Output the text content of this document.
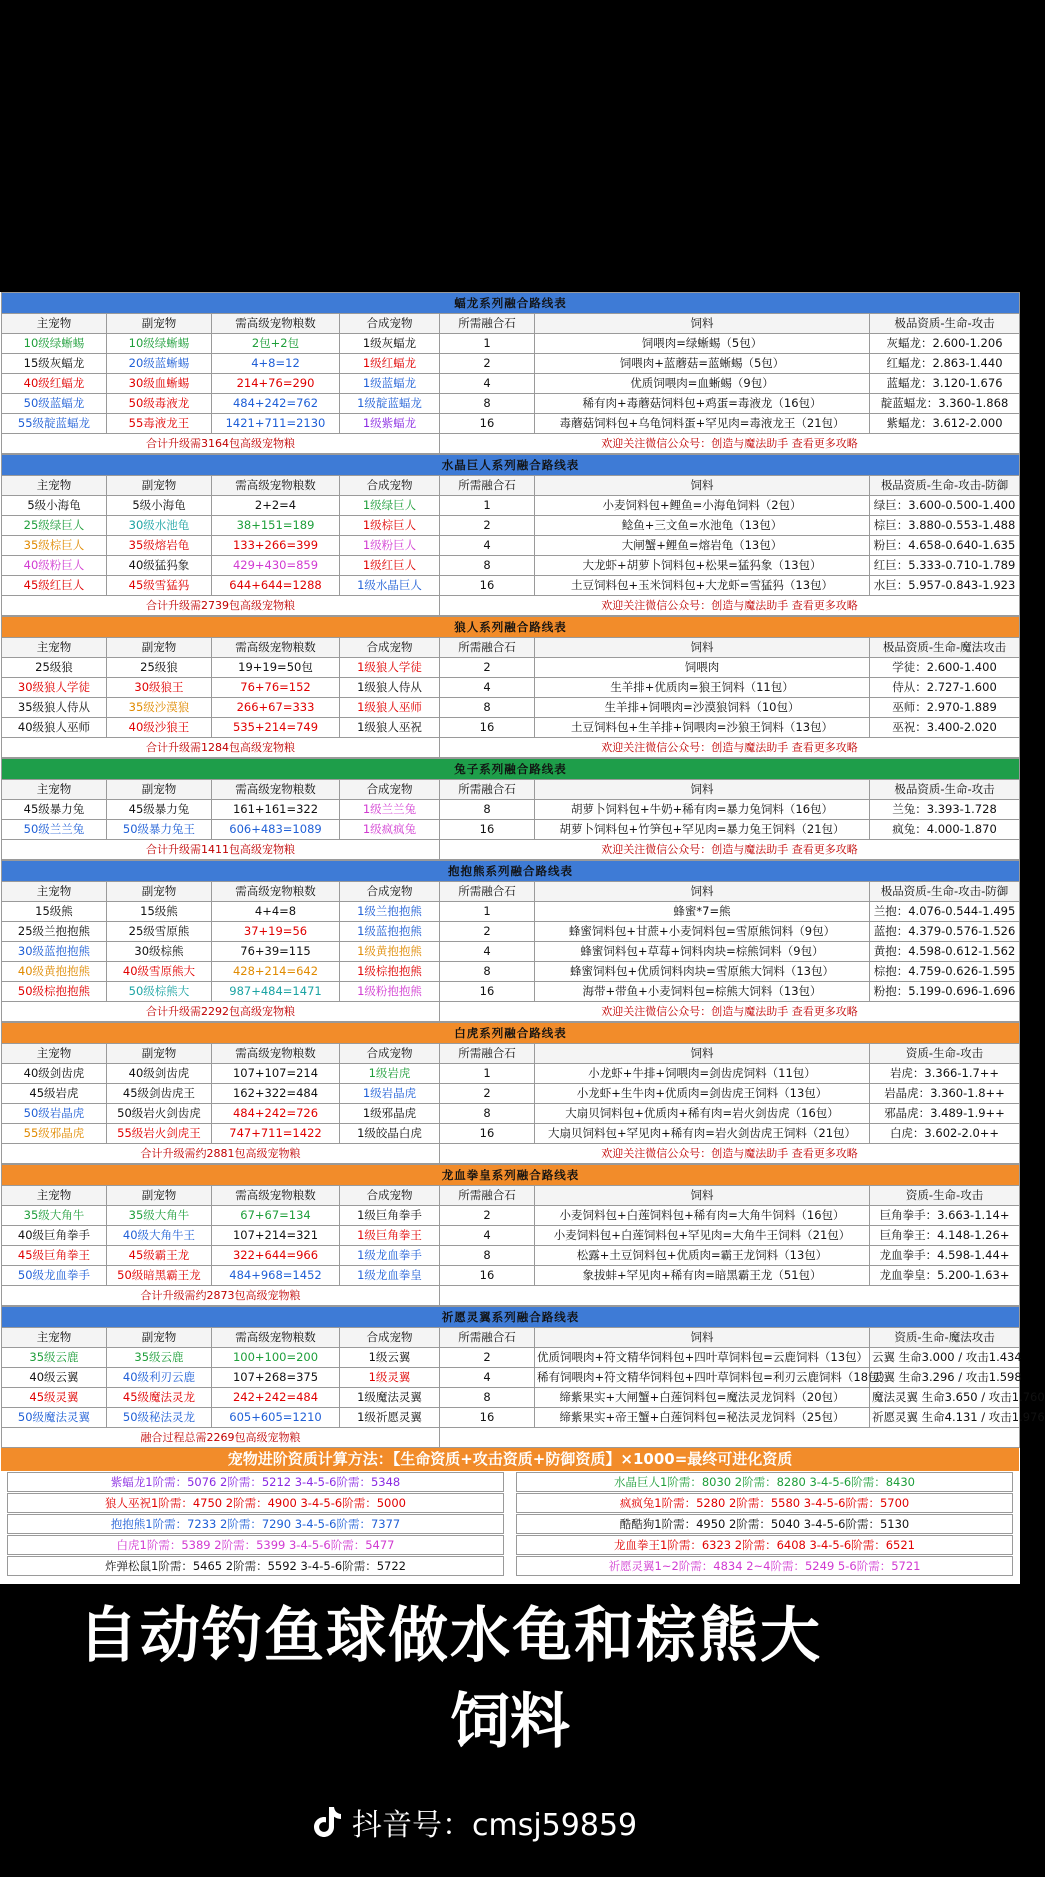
蝠龙系列融合路线表						
主宠物	副宠物	需高级宠物粮数	合成宠物	所需融合石	饲料	极品资质-生命-攻击
10级绿蜥蜴	10级绿蜥蜴	2包+2包	1级灰蝠龙	1	饲喂肉=绿蜥蜴（5包）	灰蝠龙：2.600-1.206
15级灰蝠龙	20级蓝蜥蜴	4+8=12	1级红蝠龙	2	饲喂肉+蓝蘑菇=蓝蜥蜴（5包）	红蝠龙：2.863-1.440
40级红蝠龙	30级血蜥蜴	214+76=290	1级蓝蝠龙	4	优质饲喂肉=血蜥蜴（9包）	蓝蝠龙：3.120-1.676
50级蓝蝠龙	50级毒液龙	484+242=762	1级靛蓝蝠龙	8	稀有肉+毒蘑菇饲料包+鸡蛋=毒液龙（16包）	靛蓝蝠龙：3.360-1.868
55级靛蓝蝠龙	55毒液龙王	1421+711=2130	1级紫蝠龙	16	毒蘑菇饲料包+乌龟饲料蛋+罕见肉=毒液龙王（21包）	紫蝠龙：3.612-2.000
合计升级需3164包高级宠物粮				欢迎关注微信公众号：创造与魔法助手 查看更多攻略		
水晶巨人系列融合路线表						
主宠物	副宠物	需高级宠物粮数	合成宠物	所需融合石	饲料	极品资质-生命-攻击-防御
5级小海龟	5级小海龟	2+2=4	1级绿巨人	1	小麦饲料包+鲤鱼=小海龟饲料（2包）	绿巨：3.600-0.500-1.400
25级绿巨人	30级水池龟	38+151=189	1级棕巨人	2	鲶鱼+三文鱼=水池龟（13包）	棕巨：3.880-0.553-1.488
35级棕巨人	35级熔岩龟	133+266=399	1级粉巨人	4	大闸蟹+鲤鱼=熔岩龟（13包）	粉巨：4.658-0.640-1.635
40级粉巨人	40级猛犸象	429+430=859	1级红巨人	8	大龙虾+胡萝卜饲料包+松果=猛犸象（13包）	红巨：5.333-0.710-1.789
45级红巨人	45级雪猛犸	644+644=1288	1级水晶巨人	16	土豆饲料包+玉米饲料包+大龙虾=雪猛犸（13包）	水巨：5.957-0.843-1.923
合计升级需2739包高级宠物粮				欢迎关注微信公众号：创造与魔法助手 查看更多攻略		
狼人系列融合路线表						
主宠物	副宠物	需高级宠物粮数	合成宠物	所需融合石	饲料	极品资质-生命-魔法攻击
25级狼	25级狼	19+19=50包	1级狼人学徒	2	饲喂肉	学徒：2.600-1.400
30级狼人学徒	30级狼王	76+76=152	1级狼人侍从	4	生羊排+优质肉=狼王饲料（11包）	侍从：2.727-1.600
35级狼人侍从	35级沙漠狼	266+67=333	1级狼人巫师	8	生羊排+饲喂肉=沙漠狼饲料（10包）	巫师：2.970-1.889
40级狼人巫师	40级沙狼王	535+214=749	1级狼人巫祝	16	土豆饲料包+生羊排+饲喂肉=沙狼王饲料（13包）	巫祝：3.400-2.020
合计升级需1284包高级宠物粮				欢迎关注微信公众号：创造与魔法助手 查看更多攻略		
兔子系列融合路线表						
主宠物	副宠物	需高级宠物粮数	合成宠物	所需融合石	饲料	极品资质-生命-攻击
45级暴力兔	45级暴力兔	161+161=322	1级兰兰兔	8	胡萝卜饲料包+牛奶+稀有肉=暴力兔饲料（16包）	兰兔：3.393-1.728
50级兰兰兔	50级暴力兔王	606+483=1089	1级疯疯兔	16	胡萝卜饲料包+竹笋包+罕见肉=暴力兔王饲料（21包）	疯兔：4.000-1.870
合计升级需1411包高级宠物粮				欢迎关注微信公众号：创造与魔法助手 查看更多攻略		
抱抱熊系列融合路线表						
主宠物	副宠物	需高级宠物粮数	合成宠物	所需融合石	饲料	极品资质-生命-攻击-防御
15级熊	15级熊	4+4=8	1级兰抱抱熊	1	蜂蜜*7=熊	兰抱：4.076-0.544-1.495
25级兰抱抱熊	25级雪原熊	37+19=56	1级蓝抱抱熊	2	蜂蜜饲料包+甘蔗+小麦饲料包=雪原熊饲料（9包）	蓝抱：4.379-0.576-1.526
30级蓝抱抱熊	30级棕熊	76+39=115	1级黄抱抱熊	4	蜂蜜饲料包+草莓+饲料肉块=棕熊饲料（9包）	黄抱：4.598-0.612-1.562
40级黄抱抱熊	40级雪原熊大	428+214=642	1级棕抱抱熊	8	蜂蜜饲料包+优质饲料肉块=雪原熊大饲料（13包）	棕抱：4.759-0.626-1.595
50级棕抱抱熊	50级棕熊大	987+484=1471	1级粉抱抱熊	16	海带+带鱼+小麦饲料包=棕熊大饲料（13包）	粉抱：5.199-0.696-1.696
合计升级需2292包高级宠物粮				欢迎关注微信公众号：创造与魔法助手 查看更多攻略		
白虎系列融合路线表						
主宠物	副宠物	需高级宠物粮数	合成宠物	所需融合石	饲料	资质-生命-攻击
40级剑齿虎	40级剑齿虎	107+107=214	1级岩虎	1	小龙虾+牛排+饲喂肉=剑齿虎饲料（11包）	岩虎：3.366-1.7++
45级岩虎	45级剑齿虎王	162+322=484	1级岩晶虎	2	小龙虾+生牛肉+优质肉=剑齿虎王饲料（13包）	岩晶虎：3.360-1.8++
50级岩晶虎	50级岩火剑齿虎	484+242=726	1级邪晶虎	8	大扇贝饲料包+优质肉+稀有肉=岩火剑齿虎（16包）	邪晶虎：3.489-1.9++
55级邪晶虎	55级岩火剑虎王	747+711=1422	1级皎晶白虎	16	大扇贝饲料包+罕见肉+稀有肉=岩火剑齿虎王饲料（21包）	白虎：3.602-2.0++
合计升级需约2881包高级宠物粮				欢迎关注微信公众号：创造与魔法助手 查看更多攻略		
龙血拳皇系列融合路线表						
主宠物	副宠物	需高级宠物粮数	合成宠物	所需融合石	饲料	资质-生命-攻击
35级大角牛	35级大角牛	67+67=134	1级巨角拳手	2	小麦饲料包+白莲饲料包+稀有肉=大角牛饲料（16包）	巨角拳手：3.663-1.14+
40级巨角拳手	40级大角牛王	107+214=321	1级巨角拳王	4	小麦饲料包+白莲饲料包+罕见肉=大角牛王饲料（21包）	巨角拳王：4.148-1.26+
45级巨角拳王	45级霸王龙	322+644=966	1级龙血拳手	8	松露+土豆饲料包+优质肉=霸王龙饲料（13包）	龙血拳手：4.598-1.44+
50级龙血拳手	50级暗黑霸王龙	484+968=1452	1级龙血拳皇	16	象拔蚌+罕见肉+稀有肉=暗黑霸王龙（51包）	龙血拳皇：5.200-1.63+
合计升级需约2873包高级宠物粮						
祈愿灵翼系列融合路线表						
主宠物	副宠物	需高级宠物粮数	合成宠物	所需融合石	饲料	资质-生命-魔法攻击
35级云鹿	35级云鹿	100+100=200	1级云翼	2	优质饲喂肉+符文精华饲料包+四叶草饲料包=云鹿饲料（13包）	云翼 生命3.000 / 攻击1.434
40级云翼	40级利刃云鹿	107+268=375	1级灵翼	4	稀有饲喂肉+符文精华饲料包+四叶草饲料包=利刃云鹿饲料（18包）	灵翼 生命3.296 / 攻击1.598
45级灵翼	45级魔法灵龙	242+242=484	1级魔法灵翼	8	缔紫果实+大闸蟹+白莲饲料包=魔法灵龙饲料（20包）	魔法灵翼 生命3.650 / 攻击1.760
50级魔法灵翼	50级秘法灵龙	605+605=1210	1级祈愿灵翼	16	缔紫果实+帝王蟹+白莲饲料包=秘法灵龙饲料（25包）	祈愿灵翼 生命4.131 / 攻击1.976
融合过程总需2269包高级宠物粮						
宠物进阶资质计算方法：【生命资质+攻击资质+防御资质】×1000=最终可进化资质
紫蝠龙1阶需：5076 2阶需：5212 3-4-5-6阶需：5348
狼人巫祝1阶需：4750 2阶需：4900 3-4-5-6阶需：5000
抱抱熊1阶需：7233 2阶需：7290 3-4-5-6阶需：7377
白虎1阶需：5389 2阶需：5399 3-4-5-6阶需：5477
炸弹松鼠1阶需：5465 2阶需：5592 3-4-5-6阶需：5722
水晶巨人1阶需：8030 2阶需：8280 3-4-5-6阶需：8430
疯疯兔1阶需：5280 2阶需：5580 3-4-5-6阶需：5700
酷酷狗1阶需：4950 2阶需：5040 3-4-5-6阶需：5130
龙血拳王1阶需：6323 2阶需：6408 3-4-5-6阶需：6521
祈愿灵翼1~2阶需：4834 2~4阶需：5249 5-6阶需：5721
自动钓鱼球做水龟和棕熊大
饲料
抖音号：cmsj59859
